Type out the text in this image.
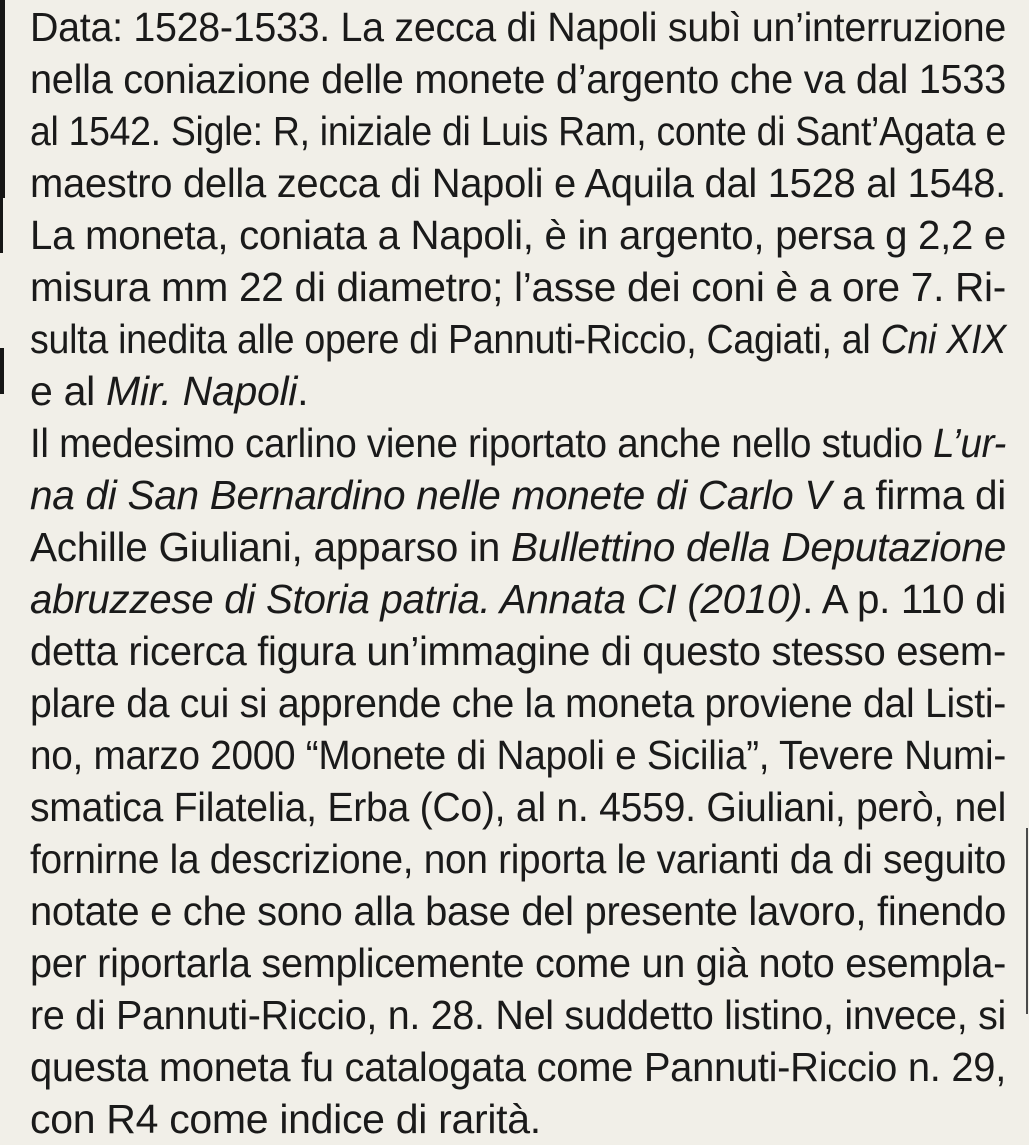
Data: 1528-1533. La zecca di Napoli subì un’interruzione
nella coniazione delle monete d’argento che va dal 1533
al 1542. Sigle: R, iniziale di Luis Ram, conte di Sant’Agata e
maestro della zecca di Napoli e Aquila dal 1528 al 1548.
La moneta, coniata a Napoli, è in argento, persa g 2,2 e
misura mm 22 di diametro; l’asse dei coni è a ore 7. Ri-
sulta inedita alle opere di Pannuti-Riccio, Cagiati, al Cni XIX
e al Mir. Napoli.
Il medesimo carlino viene riportato anche nello studio L’ur-
na di San Bernardino nelle monete di Carlo V a firma di
Achille Giuliani, apparso in Bullettino della Deputazione
abruzzese di Storia patria. Annata CI (2010). A p. 110 di
detta ricerca figura un’immagine di questo stesso esem-
plare da cui si apprende che la moneta proviene dal Listi-
no, marzo 2000 “Monete di Napoli e Sicilia”, Tevere Numi-
smatica Filatelia, Erba (Co), al n. 4559. Giuliani, però, nel
fornirne la descrizione, non riporta le varianti da di seguito
notate e che sono alla base del presente lavoro, finendo
per riportarla semplicemente come un già noto esempla-
re di Pannuti-Riccio, n. 28. Nel suddetto listino, invece, si
questa moneta fu catalogata come Pannuti-Riccio n. 29,
con R4 come indice di rarità.
